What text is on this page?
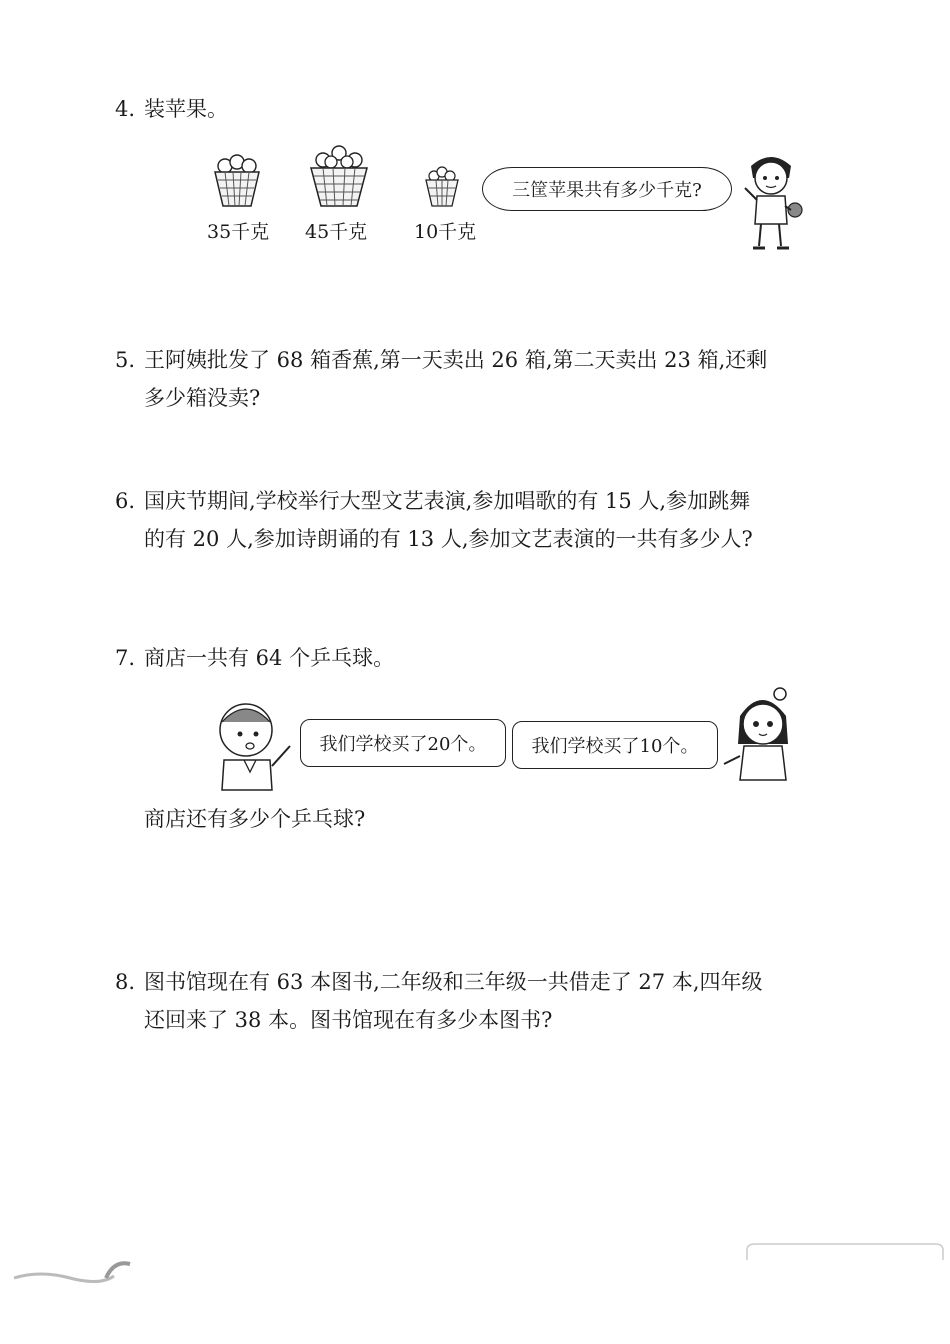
4. 装苹果。
35千克 45千克 10千克
三筐苹果共有多少千克?
5. 王阿姨批发了 68 箱香蕉,第一天卖出 26 箱,第二天卖出 23 箱,还剩
多少箱没卖?
6. 国庆节期间,学校举行大型文艺表演,参加唱歌的有 15 人,参加跳舞
的有 20 人,参加诗朗诵的有 13 人,参加文艺表演的一共有多少人?
7. 商店一共有 64 个乒乓球。
我们学校买了20个。	我们学校买了10个。
商店还有多少个乒乓球?
8. 图书馆现在有 63 本图书,二年级和三年级一共借走了 27 本,四年级
还回来了 38 本。图书馆现在有多少本图书?
